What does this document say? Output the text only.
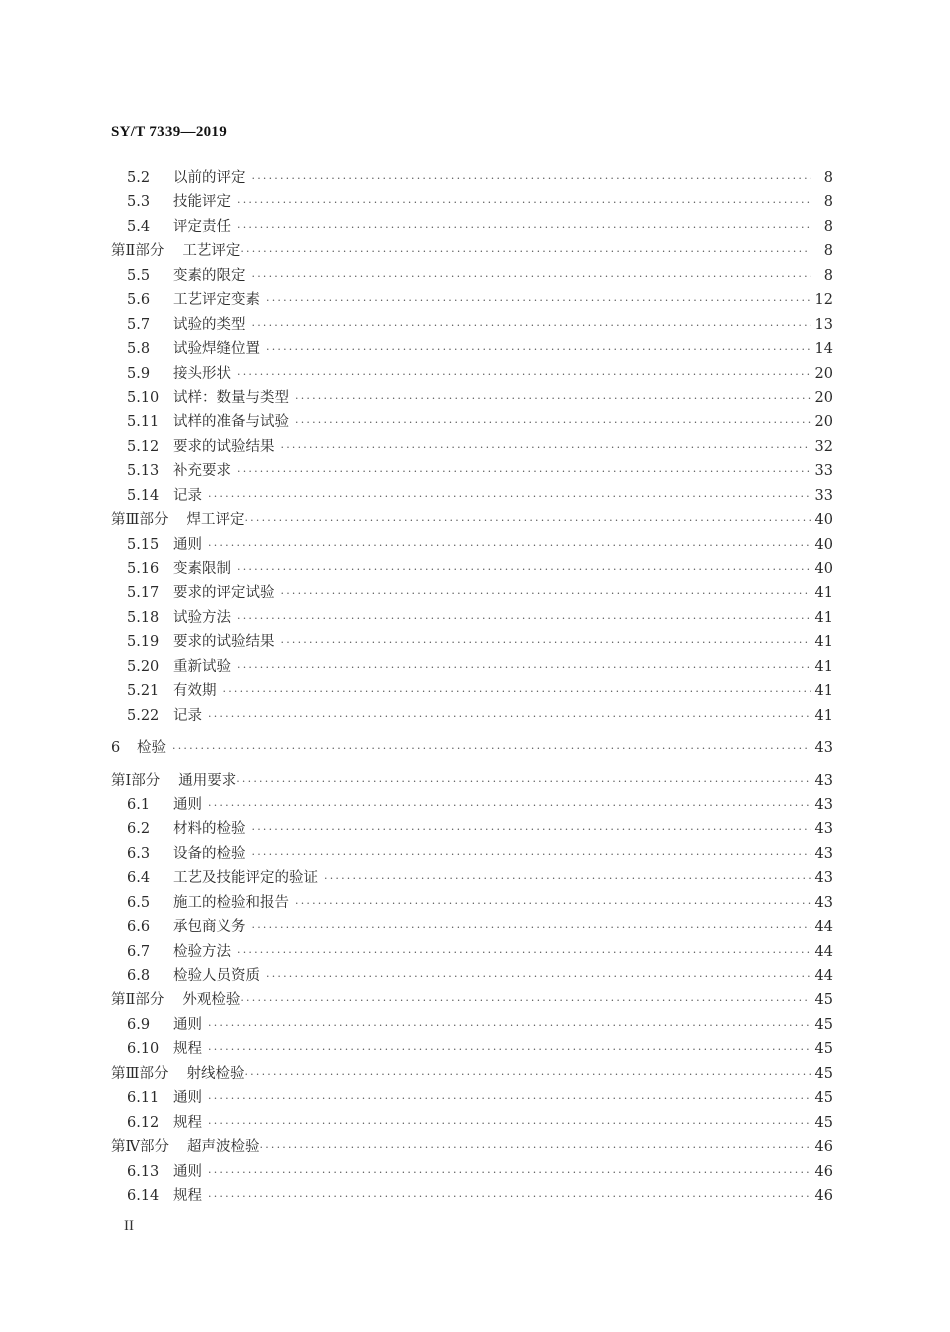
SY/T 7339—2019
5.2	以前的评定 ·····	8
5.3	技能评定 ·····	8
5.4	评定责任 ·····	8
第Ⅱ部分	工艺评定 ·····	8
5.5	变素的限定 ·····	8
5.6	工艺评定变素 ·····	12
5.7	试验的类型 ·····	13
5.8	试验焊缝位置 ·····	14
5.9	接头形状 ·····	20
5.10 试样：数量与类型 ·····	20
5.11 试样的准备与试验 ·····	20
5.12 要求的试验结果 ·····	32
5.13 补充要求 ·····	33
5.14 记录 ·····	33
第Ⅲ部分	焊工评定 ·····	40
5.15 通则 ·····	40
5.16 变素限制 ·····	40
5.17 要求的评定试验 ·····	41
5.18 试验方法 ·····	41
5.19 要求的试验结果 ·····	41
5.20 重新试验 ·····	41
5.21 有效期 ·····	41
5.22 记录 ·····	41
6	检验 ·····	43
第Ⅰ部分	通用要求 ·····	43
6.1	通则 ·····	43
6.2	材料的检验 ·····	43
6.3	设备的检验 ·····	43
6.4	工艺及技能评定的验证 ·····	43
6.5	施工的检验和报告 ·····	43
6.6	承包商义务 ·····	44
6.7	检验方法 ·····	44
6.8	检验人员资质 ·····	44
第Ⅱ部分	外观检验 ·····	45
6.9	通则 ·····	45
6.10 规程 ·····	45
第Ⅲ部分	射线检验 ·····	45
6.11 通则 ·····	45
6.12 规程 ·····	45
第Ⅳ部分	超声波检验 ·····	46
6.13 通则 ·····	46
6.14 规程 ·····	46
II
